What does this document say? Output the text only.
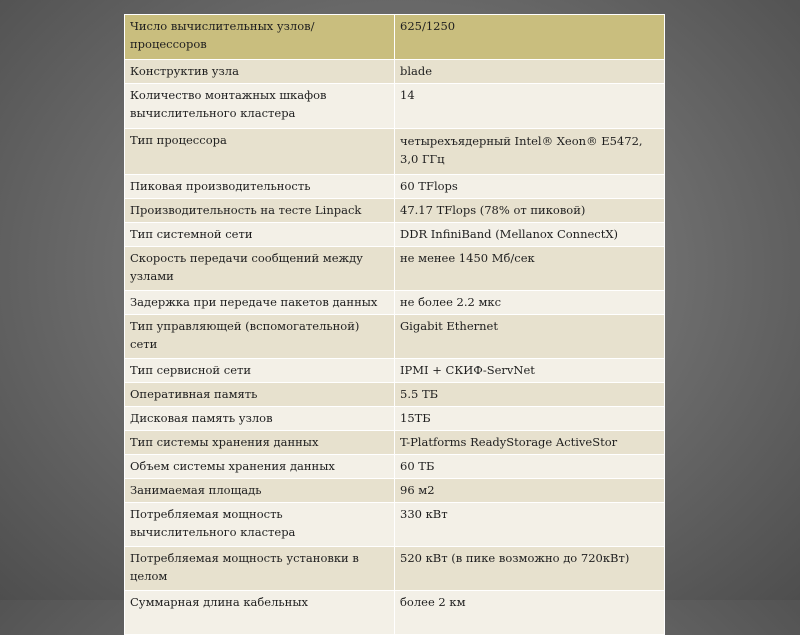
Число вычислительных узлов/процессоров	625/1250
Конструктив узла	blade
Количество монтажных шкафов вычислительного кластера	14
Тип процессора	четырехъядерный Intel® Xeon® E5472, 3,0 ГГц
Пиковая производительность	60 TFlops
Производительность на тесте Linpack	47.17 TFlops (78% от пиковой)
Тип системной сети	DDR InfiniBand (Mellanox ConnectX)
Скорость передачи сообщений между узлами	не менее 1450 Мб/сек
Задержка при передаче пакетов данных	не более 2.2 мкс
Тип управляющей (вспомогательной) сети	Gigabit Ethernet
Тип сервисной сети	IPMI + СКИФ-ServNet
Оперативная память	5.5 ТБ
Дисковая память узлов	15ТБ
Тип системы хранения данных	T-Platforms ReadyStorage ActiveStor
Объем системы хранения данных	60 ТБ
Занимаемая площадь	96 м2
Потребляемая мощность вычислительного кластера	330 кВт
Потребляемая мощность установки в целом	520 кВт (в пике возможно до 720кВт)
Суммарная длина кабельных	более 2 км
